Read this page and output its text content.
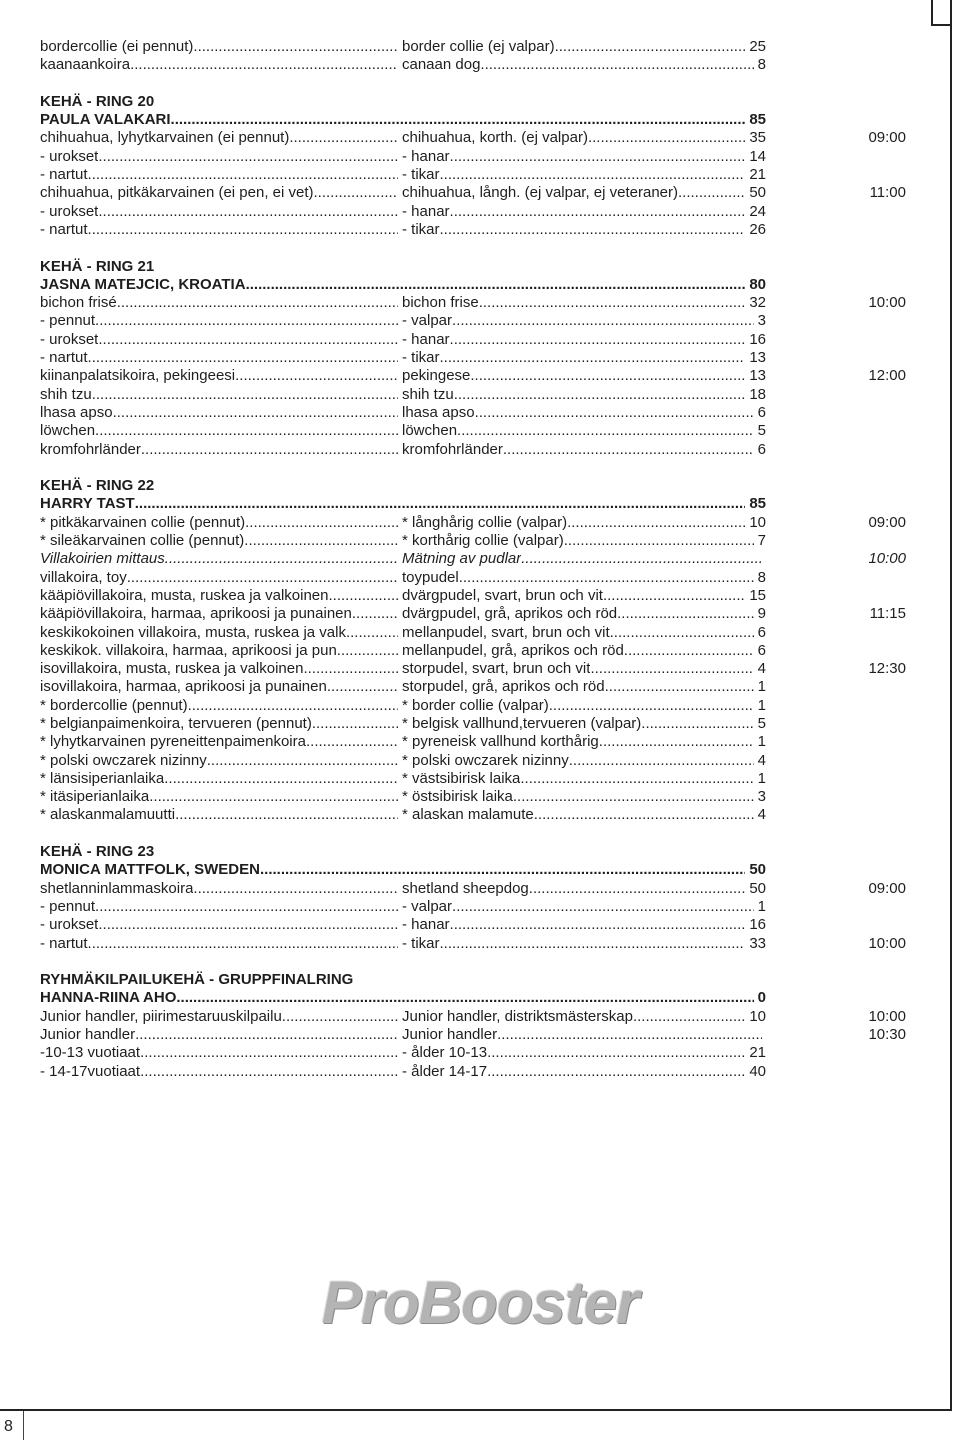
bordercollie (ei pennut) .....	border collie (ej valpar) .....	25
kaanaankoira .....	canaan dog .....	8
KEHÄ - RING 20
PAULA VALAKARI .....	85
chihuahua, lyhytkarvainen (ei pennut) .....	chihuahua, korth. (ej valpar) .....	35	09:00
- urokset .....	- hanar .....	14
- nartut .....	- tikar .....	21
chihuahua, pitkäkarvainen (ei pen, ei vet) .....	chihuahua, långh. (ej valpar, ej veteraner) .....	50	11:00
- urokset .....	- hanar .....	24
- nartut .....	- tikar .....	26
KEHÄ - RING 21
JASNA MATEJCIC, KROATIA .....	80
bichon frisé .....	bichon frise .....	32	10:00
- pennut .....	- valpar .....	3
- urokset .....	- hanar .....	16
- nartut .....	- tikar .....	13
kiinanpalatsikoira, pekingeesi .....	pekingese .....	13	12:00
shih tzu .....	shih tzu .....	18
lhasa apso .....	lhasa apso .....	6
löwchen .....	löwchen .....	5
kromfohrländer .....	kromfohrländer .....	6
KEHÄ - RING 22
HARRY TAST .....	85
* pitkäkarvainen collie (pennut) .....	* långhårig collie (valpar) .....	10	09:00
* sileäkarvainen collie (pennut) .....	* korthårig collie (valpar) .....	7
Villakoirien mittaus .....	Mätning av pudlar .....	10:00
villakoira, toy .....	toypudel .....	8
kääpiövillakoira, musta, ruskea ja valkoinen .....	dvärgpudel, svart, brun och vit .....	15
kääpiövillakoira, harmaa, aprikoosi ja punainen.. .....	dvärgpudel, grå, aprikos och röd .....	9	11:15
keskikokoinen villakoira, musta, ruskea ja valk. .....	mellanpudel, svart, brun och vit .....	6
keskikok. villakoira, harmaa, aprikoosi ja pun.. .....	mellanpudel, grå, aprikos och röd .....	6
isovillakoira, musta, ruskea ja valkoinen .....	storpudel, svart, brun och vit .....	4	12:30
isovillakoira, harmaa, aprikoosi ja punainen .....	storpudel, grå, aprikos och röd .....	1
* bordercollie (pennut) .....	* border collie (valpar) .....	1
* belgianpaimenkoira, tervueren (pennut) .....	* belgisk vallhund,tervueren (valpar) .....	5
* lyhytkarvainen pyreneittenpaimenkoira .....	* pyreneisk vallhund korthårig .....	1
* polski owczarek nizinny .....	* polski owczarek nizinny .....	4
* länsisiperianlaika .....	* västsibirisk laika .....	1
* itäsiperianlaika .....	* östsibirisk laika .....	3
* alaskanmalamuutti .....	* alaskan malamute .....	4
KEHÄ - RING 23
MONICA MATTFOLK, SWEDEN .....	50
shetlanninlammaskoira .....	shetland sheepdog .....	50	09:00
- pennut .....	- valpar .....	1
- urokset .....	- hanar .....	16
- nartut .....	- tikar .....	33	10:00
RYHMÄKILPAILUKEHÄ - GRUPPFINALRING
HANNA-RIINA AHO .....	0
Junior handler, piirimestaruuskilpailu .....	Junior handler, distriktsmästerskap .....	10	10:00
Junior handler .....	Junior handler .....	10:30
-10-13 vuotiaat .....	- ålder 10-13 .....	21
- 14-17vuotiaat .....	- ålder 14-17 .....	40
ProBooster
8
